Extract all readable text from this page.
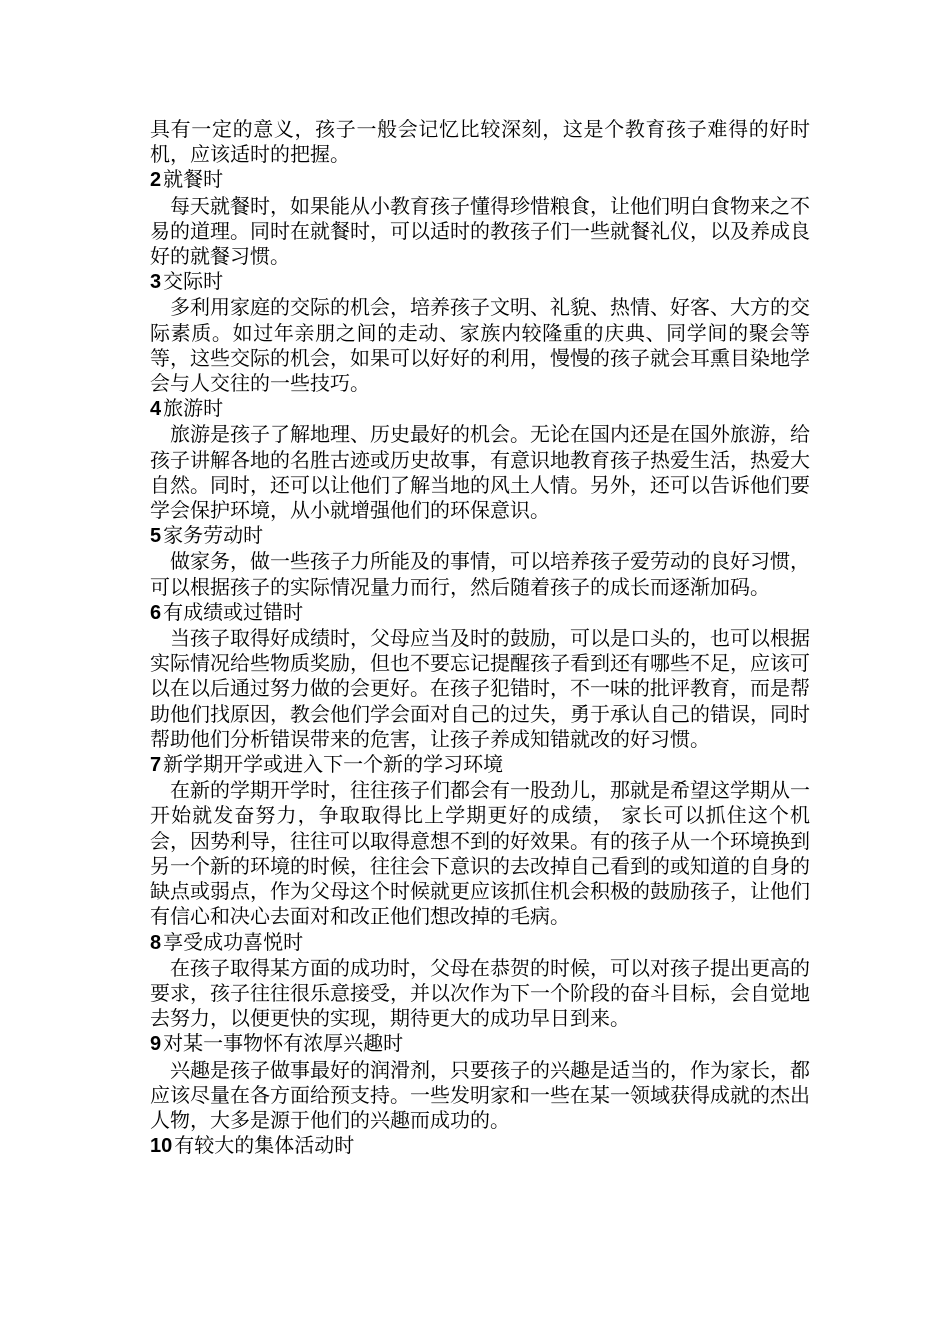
具有一定的意义，孩子一般会记忆比较深刻，这是个教育孩子难得的好时机，应该适时的把握。

2 就餐时

每天就餐时，如果能从小教育孩子懂得珍惜粮食，让他们明白食物来之不易的道理。同时在就餐时，可以适时的教孩子们一些就餐礼仪，以及养成良好的就餐习惯。

3 交际时

多利用家庭的交际的机会，培养孩子文明、礼貌、热情、好客、大方的交际素质。如过年亲朋之间的走动、家族内较隆重的庆典、同学间的聚会等等，这些交际的机会，如果可以好好的利用，慢慢的孩子就会耳熏目染地学会与人交往的一些技巧。

4 旅游时

旅游是孩子了解地理、历史最好的机会。无论在国内还是在国外旅游，给孩子讲解各地的名胜古迹或历史故事，有意识地教育孩子热爱生活，热爱大自然。同时，还可以让他们了解当地的风土人情。另外，还可以告诉他们要学会保护环境，从小就增强他们的环保意识。

5 家务劳动时

做家务，做一些孩子力所能及的事情，可以培养孩子爱劳动的良好习惯，可以根据孩子的实际情况量力而行，然后随着孩子的成长而逐渐加码。

6 有成绩或过错时

当孩子取得好成绩时，父母应当及时的鼓励，可以是口头的，也可以根据实际情况给些物质奖励，但也不要忘记提醒孩子看到还有哪些不足，应该可以在以后通过努力做的会更好。在孩子犯错时，不一味的批评教育，而是帮助他们找原因，教会他们学会面对自己的过失，勇于承认自己的错误，同时帮助他们分析错误带来的危害，让孩子养成知错就改的好习惯。

7 新学期开学或进入下一个新的学习环境

在新的学期开学时，往往孩子们都会有一股劲儿，那就是希望这学期从一开始就发奋努力，争取取得比上学期更好的成绩， 家长可以抓住这个机会，因势利导，往往可以取得意想不到的好效果。有的孩子从一个环境换到另一个新的环境的时候，往往会下意识的去改掉自己看到的或知道的自身的缺点或弱点，作为父母这个时候就更应该抓住机会积极的鼓励孩子，让他们有信心和决心去面对和改正他们想改掉的毛病。

8 享受成功喜悦时

在孩子取得某方面的成功时，父母在恭贺的时候，可以对孩子提出更高的要求，孩子往往很乐意接受，并以次作为下一个阶段的奋斗目标，会自觉地去努力，以便更快的实现，期待更大的成功早日到来。

9 对某一事物怀有浓厚兴趣时

兴趣是孩子做事最好的润滑剂，只要孩子的兴趣是适当的，作为家长，都应该尽量在各方面给预支持。一些发明家和一些在某一领域获得成就的杰出人物，大多是源于他们的兴趣而成功的。

10 有较大的集体活动时
